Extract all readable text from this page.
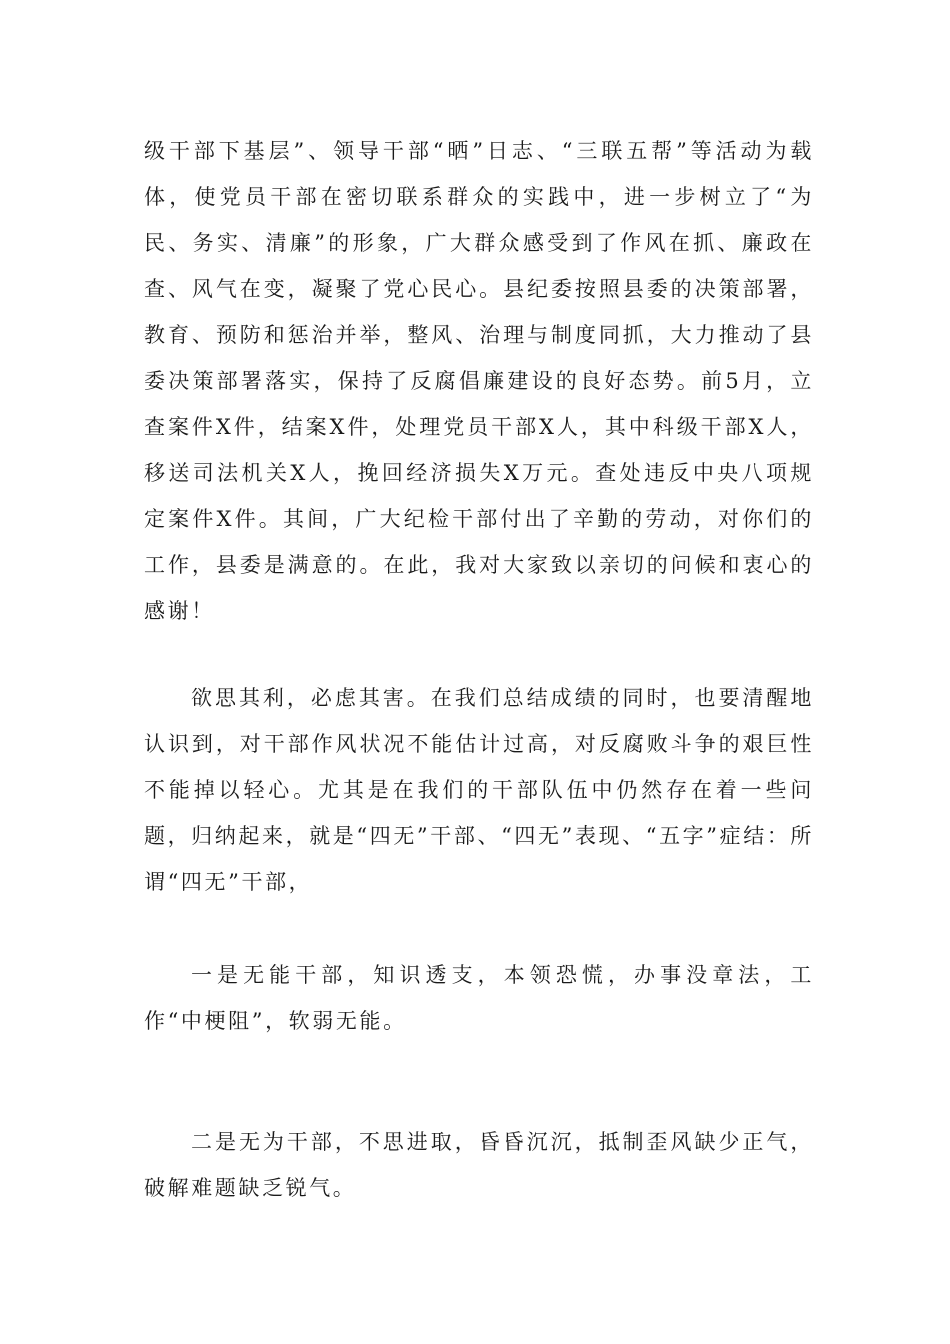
级干部下基层”、领导干部“晒”日志、“三联五帮”等活动为载体，使党员干部在密切联系群众的实践中，进一步树立了“为民、务实、清廉”的形象，广大群众感受到了作风在抓、廉政在查、风气在变，凝聚了党心民心。县纪委按照县委的决策部署，教育、预防和惩治并举，整风、治理与制度同抓，大力推动了县委决策部署落实，保持了反腐倡廉建设的良好态势。前5月，立查案件X件，结案X件，处理党员干部X人，其中科级干部X人，移送司法机关X人，挽回经济损失X万元。查处违反中央八项规定案件X件。其间，广大纪检干部付出了辛勤的劳动，对你们的工作，县委是满意的。在此，我对大家致以亲切的问候和衷心的感谢！

欲思其利，必虑其害。在我们总结成绩的同时，也要清醒地认识到，对干部作风状况不能估计过高，对反腐败斗争的艰巨性不能掉以轻心。尤其是在我们的干部队伍中仍然存在着一些问题，归纳起来，就是“四无”干部、“四无”表现、“五字”症结：所谓“四无”干部，

一是无能干部，知识透支，本领恐慌，办事没章法，工作“中梗阻”，软弱无能。

二是无为干部，不思进取，昏昏沉沉，抵制歪风缺少正气，破解难题缺乏锐气。
